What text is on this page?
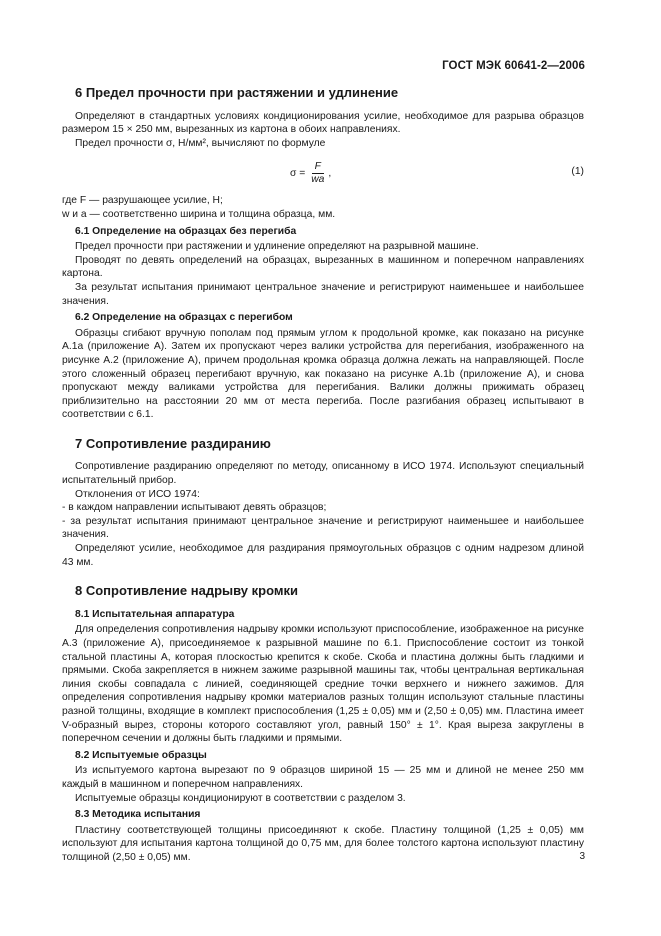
ГОСТ МЭК 60641-2—2006
6 Предел прочности при растяжении и удлинение

Определяют в стандартных условиях кондиционирования усилие, необходимое для разрыва образцов размером 15 × 250 мм, вырезанных из картона в обоих направлениях.

Предел прочности σ, Н/мм², вычисляют по формуле

$\sigma = \frac{F}{wa}$ ,	(1)

где F — разрушающее усилие, Н;

w и a — соответственно ширина и толщина образца, мм.

6.1 Определение на образцах без перегиба

Предел прочности при растяжении и удлинение определяют на разрывной машине.

Проводят по девять определений на образцах, вырезанных в машинном и поперечном направлениях картона.

За результат испытания принимают центральное значение и регистрируют наименьшее и наибольшее значения.

6.2 Определение на образцах с перегибом

Образцы сгибают вручную пополам под прямым углом к продольной кромке, как показано на рисунке А.1a (приложение А). Затем их пропускают через валики устройства для перегибания, изображенного на рисунке А.2 (приложение А), причем продольная кромка образца должна лежать на направляющей. После этого сложенный образец перегибают вручную, как показано на рисунке А.1b (приложение А), и снова пропускают между валиками устройства для перегибания. Валики должны прижимать образец приблизительно на расстоянии 20 мм от места перегиба. После разгибания образец испытывают в соответствии с 6.1.

7 Сопротивление раздиранию

Сопротивление раздиранию определяют по методу, описанному в ИСО 1974. Используют специальный испытательный прибор.

Отклонения от ИСО 1974:

- в каждом направлении испытывают девять образцов;

- за результат испытания принимают центральное значение и регистрируют наименьшее и наибольшее значения.

Определяют усилие, необходимое для раздирания прямоугольных образцов с одним надрезом длиной 43 мм.

8 Сопротивление надрыву кромки
8.1 Испытательная аппаратура

Для определения сопротивления надрыву кромки используют приспособление, изображенное на рисунке А.3 (приложение А), присоединяемое к разрывной машине по 6.1. Приспособление состоит из тонкой стальной пластины А, которая плоскостью крепится к скобе. Скоба и пластина должны быть гладкими и прямыми. Скоба закрепляется в нижнем зажиме разрывной машины так, чтобы центральная вертикальная линия скобы совпадала с линией, соединяющей средние точки верхнего и нижнего зажимов. Для определения сопротивления надрыву кромки материалов разных толщин используют стальные пластины разной толщины, входящие в комплект приспособления (1,25 ± 0,05) мм и (2,50 ± 0,05) мм. Пластина имеет V-образный вырез, стороны которого составляют угол, равный 150° ± 1°. Края выреза закруглены в поперечном сечении и должны быть гладкими и прямыми.

8.2 Испытуемые образцы

Из испытуемого картона вырезают по 9 образцов шириной 15 — 25 мм и длиной не менее 250 мм каждый в машинном и поперечном направлениях.

Испытуемые образцы кондиционируют в соответствии с разделом 3.

8.3 Методика испытания

Пластину соответствующей толщины присоединяют к скобе. Пластину толщиной (1,25 ± 0,05) мм используют для испытания картона толщиной до 0,75 мм, для более толстого картона используют пластину толщиной (2,50 ± 0,05) мм.	3
